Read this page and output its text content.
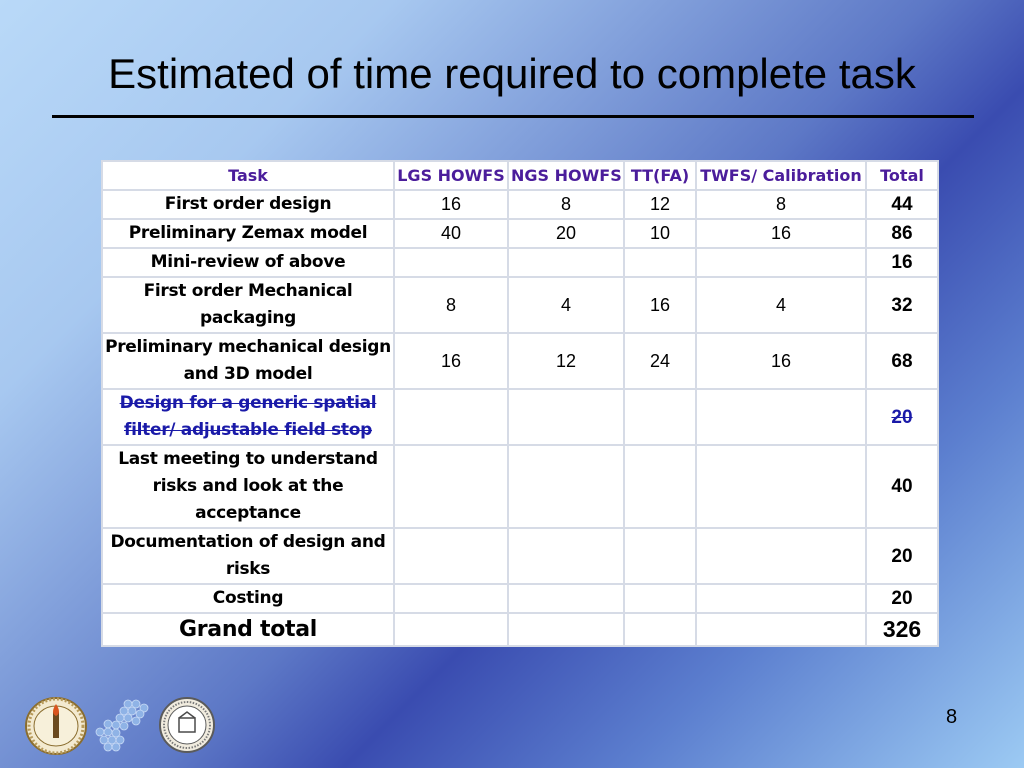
Estimated of time required to complete task
Task	LGS HOWFS	NGS HOWFS	TT(FA)	TWFS/ Calibration	Total
First order design	16	8	12	8	44
Preliminary Zemax model	40	20	10	16	86
Mini-review of above					16
First order Mechanical packaging	8	4	16	4	32
Preliminary mechanical design and 3D model	16	12	24	16	68
Design for a generic spatial filter/ adjustable field stop					20
Last meeting to understand risks and look at the acceptance					40
Documentation of design and risks					20
Costing					20
Grand total					326
8
